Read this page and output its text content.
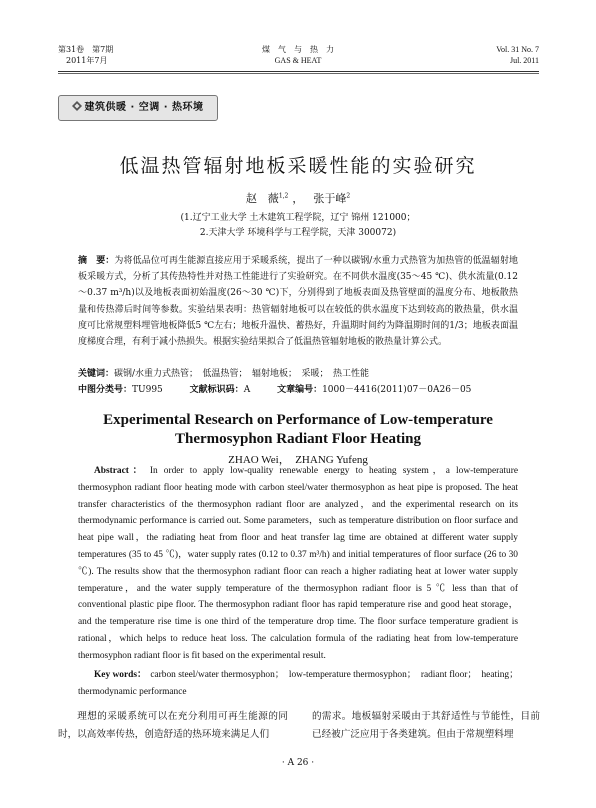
第31卷　第7期
2011年7月
煤　气　与　热　力
GAS & HEAT
Vol. 31 No. 7
Jul. 2011
建筑供暖 · 空调 · 热环境
低温热管辐射地板采暖性能的实验研究
赵　薇$^{1,2}$ ， 张于峰$^2$
(1.辽宁工业大学 土木建筑工程学院，辽宁 锦州 121000；
2.天津大学 环境科学与工程学院，天津 300072)
摘　要：为将低品位可再生能源直接应用于采暖系统，提出了一种以碳钢/水重力式热管为加热管的低温辐射地板采暖方式，分析了其传热特性并对热工性能进行了实验研究。在不同供水温度(35～45 ℃)、供水流量(0.12～0.37 m³/h)以及地板表面初始温度(26～30 ℃)下，分别得到了地板表面及热管壁面的温度分布、地板散热量和传热滞后时间等参数。实验结果表明：热管辐射地板可以在较低的供水温度下达到较高的散热量，供水温度可比常规塑料埋管地板降低5 ℃左右；地板升温快、蓄热好，升温期时间约为降温期时间的1/3；地板表面温度梯度合理，有利于减小热损失。根据实验结果拟合了低温热管辐射地板的散热量计算公式。
关键词：碳钢/水重力式热管；　低温热管；　辐射地板；　采暖；　热工性能
中图分类号：TU995	文献标识码：A	文章编号：1000－4416(2011)07－0A26－05
Experimental Research on Performance of Low-temperature
Thermosyphon Radiant Floor Heating
ZHAO Wei，　ZHANG Yufeng
Abstract： In order to apply low-quality renewable energy to heating system，a low-temperature thermosyphon radiant floor heating mode with carbon steel/water thermosyphon as heat pipe is proposed. The heat transfer characteristics of the thermosyphon radiant floor are analyzed，and the experimental research on its thermodynamic performance is carried out. Some parameters，such as temperature distribution on floor surface and heat pipe wall，the radiating heat from floor and heat transfer lag time are obtained at different water supply temperatures (35 to 45 ℃)，water supply rates (0.12 to 0.37 m³/h) and initial temperatures of floor surface (26 to 30 ℃). The results show that the thermosyphon radiant floor can reach a higher radiating heat at lower water supply temperature，and the water supply temperature of the thermosyphon radiant floor is 5 ℃ less than that of conventional plastic pipe floor. The thermosyphon radiant floor has rapid temperature rise and good heat storage，and the temperature rise time is one third of the temperature drop time. The floor surface temperature gradient is rational，which helps to reduce heat loss. The calculation formula of the radiating heat from low-temperature thermosyphon radiant floor is fit based on the experimental result.
Key words： carbon steel/water thermosyphon；　low-temperature thermosyphon；　radiant floor；　heating；　thermodynamic performance
理想的采暖系统可以在充分利用可再生能源的同时，以高效率传热，创造舒适的热环境来满足人们
的需求。地板辐射采暖由于其舒适性与节能性，目前已经被广泛应用于各类建筑。但由于常规塑料埋
· A 26 ·
